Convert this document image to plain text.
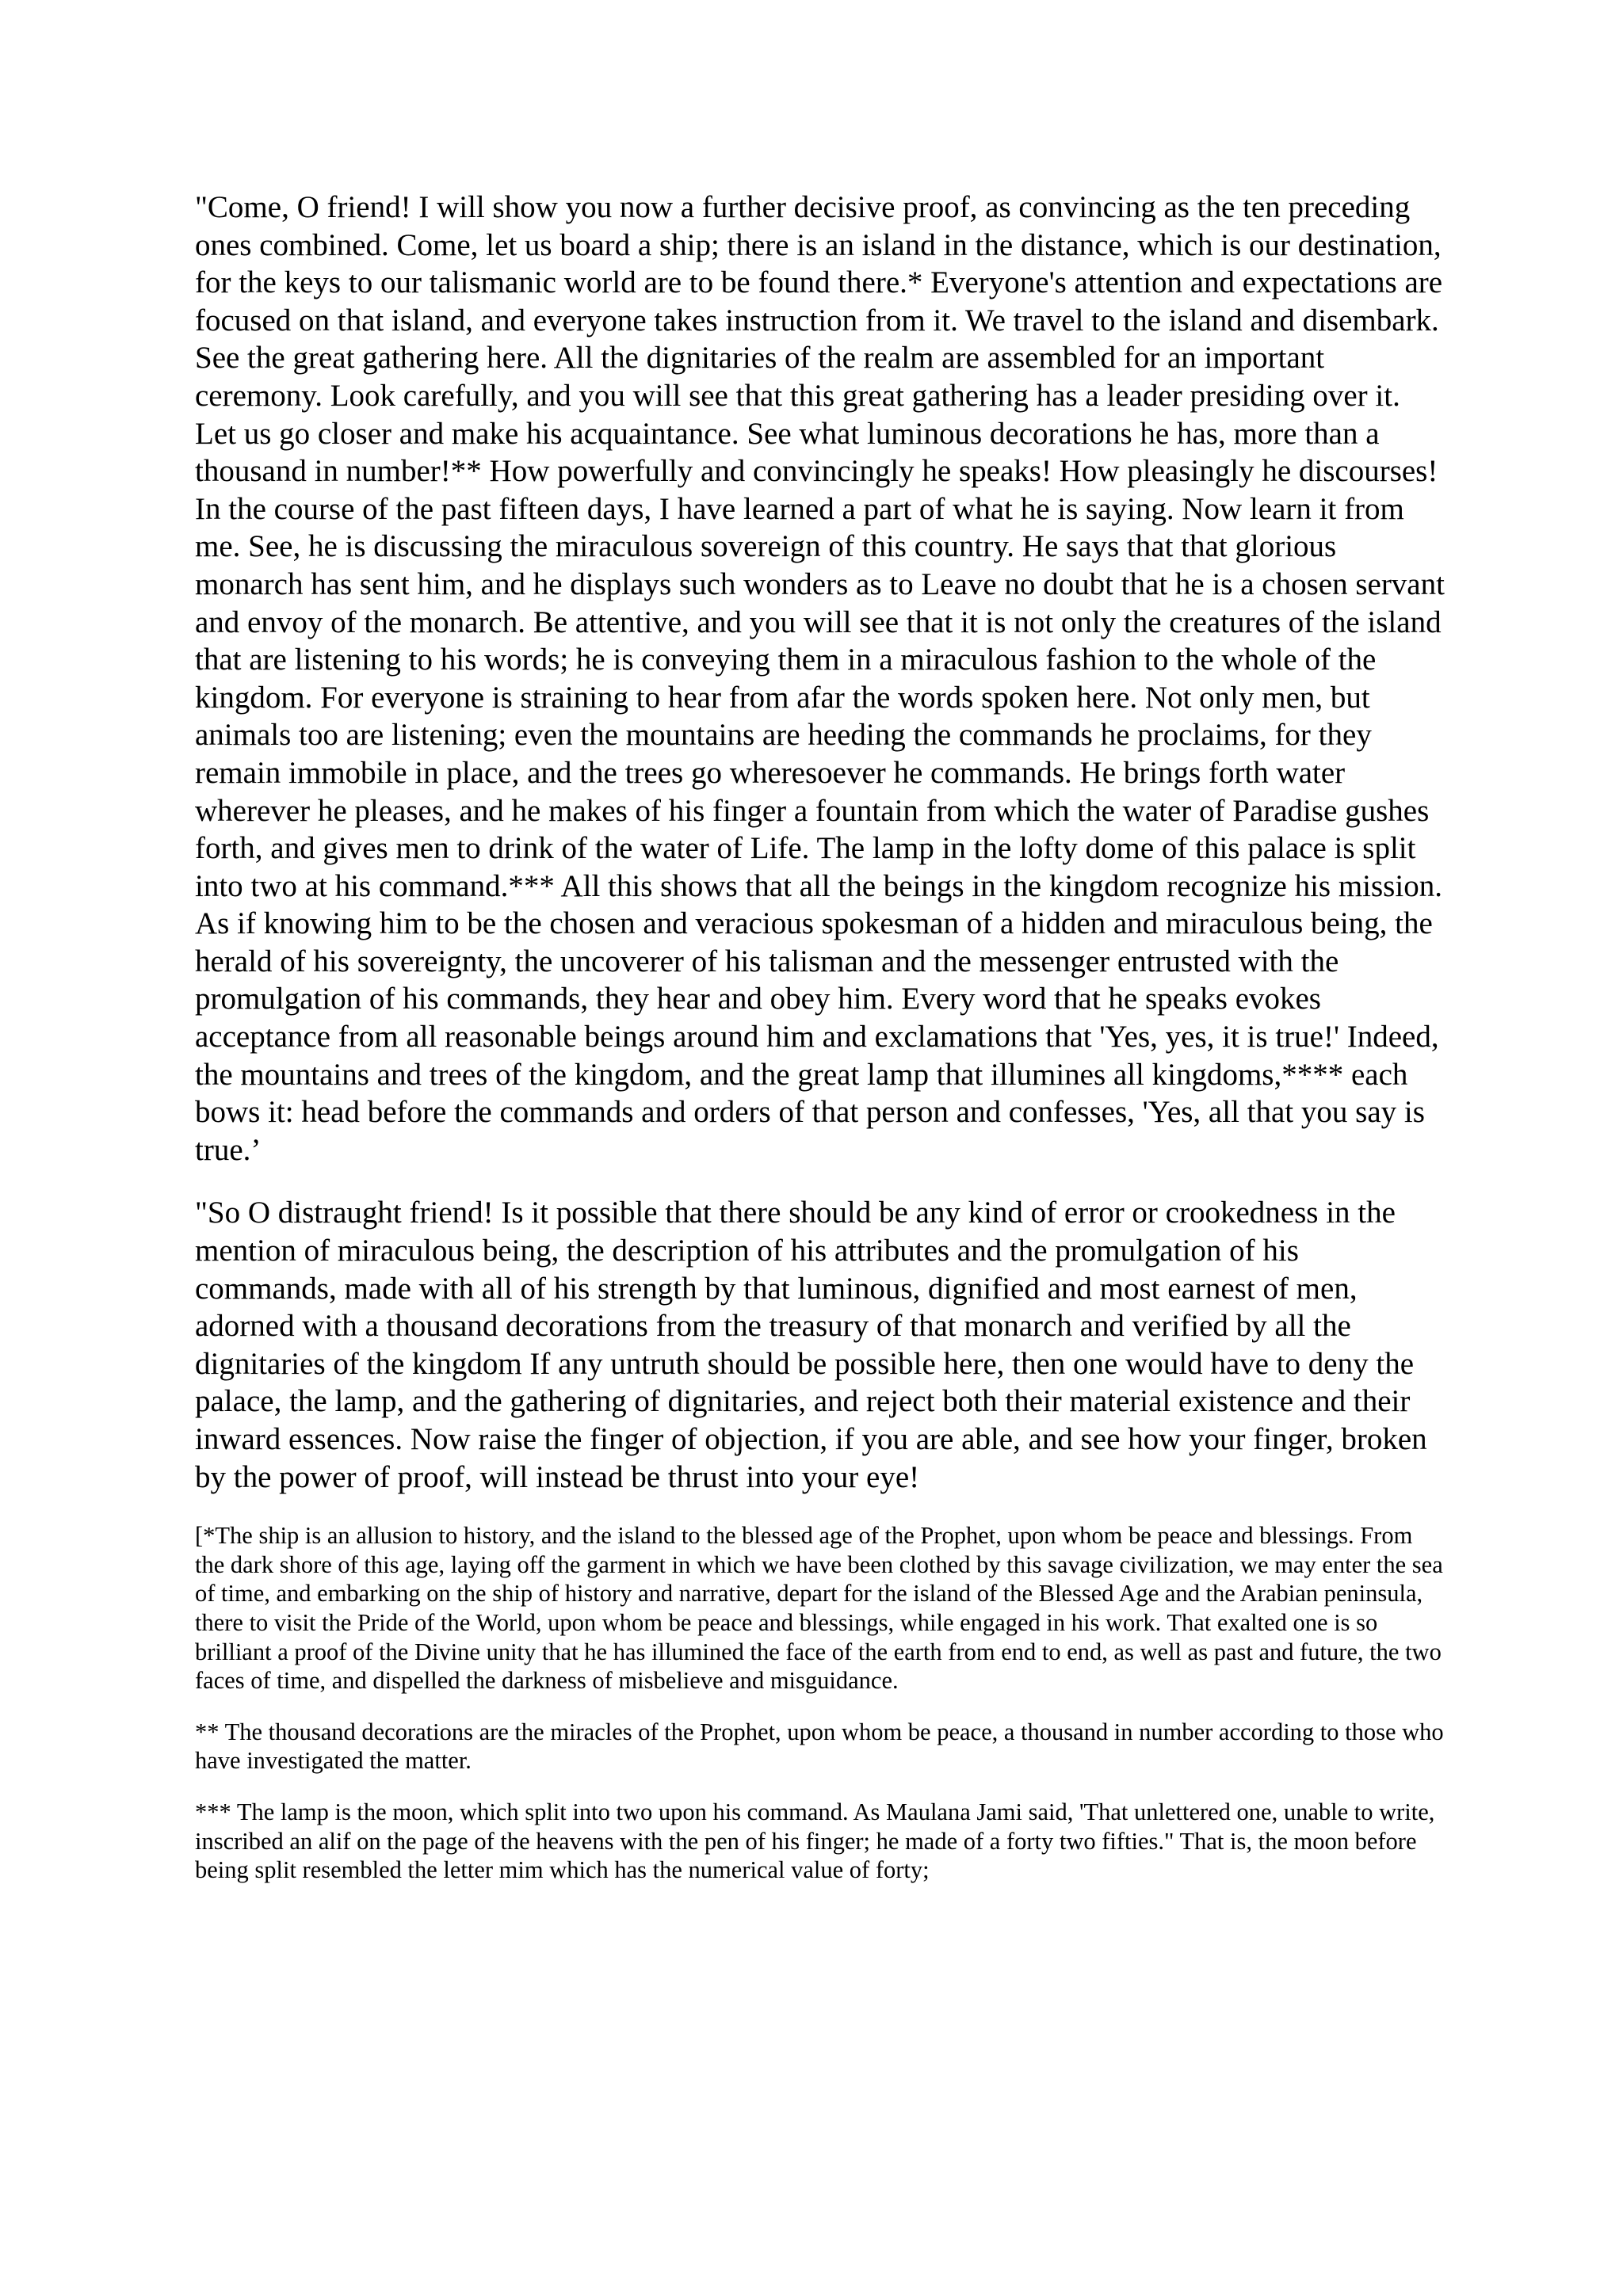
"Come, O friend! I will show you now a further decisive proof, as convincing as the ten preceding ones combined. Come, let us board a ship; there is an island in the distance, which is our destination, for the keys to our talismanic world are to be found there.* Everyone's attention and expectations are focused on that island, and everyone takes instruction from it. We travel to the island and disembark. See the great gathering here. All the dignitaries of the realm are assembled for an important ceremony. Look carefully, and you will see that this great gathering has a leader presiding over it. Let us go closer and make his acquaintance. See what luminous decorations he has, more than a thousand in number!** How powerfully and convincingly he speaks! How pleasingly he discourses! In the course of the past fifteen days, I have learned a part of what he is saying. Now learn it from me. See, he is discussing the miraculous sovereign of this country. He says that that glorious monarch has sent him, and he displays such wonders as to Leave no doubt that he is a chosen servant and envoy of the monarch. Be attentive, and you will see that it is not only the creatures of the island that are listening to his words; he is conveying them in a miraculous fashion to the whole of the kingdom. For everyone is straining to hear from afar the words spoken here. Not only men, but animals too are listening; even the mountains are heeding the commands he proclaims, for they remain immobile in place, and the trees go wheresoever he commands. He brings forth water wherever he pleases, and he makes of his finger a fountain from which the water of Paradise gushes forth, and gives men to drink of the water of Life. The lamp in the lofty dome of this palace is split into two at his command.*** All this shows that all the beings in the kingdom recognize his mission. As if knowing him to be the chosen and veracious spokesman of a hidden and miraculous being, the herald of his sovereignty, the uncoverer of his talisman and the messenger entrusted with the promulgation of his commands, they hear and obey him. Every word that he speaks evokes acceptance from all reasonable beings around him and exclamations that 'Yes, yes, it is true!' Indeed, the mountains and trees of the kingdom, and the great lamp that illumines all kingdoms,**** each bows it: head before the commands and orders of that person and confesses, 'Yes, all that you say is true.’

"So O distraught friend! Is it possible that there should be any kind of error or crookedness in the mention of miraculous being, the description of his attributes and the promulgation of his commands, made with all of his strength by that luminous, dignified and most earnest of men, adorned with a thousand decorations from the treasury of that monarch and verified by all the dignitaries of the kingdom If any untruth should be possible here, then one would have to deny the palace, the lamp, and the gathering of dignitaries, and reject both their material existence and their inward essences. Now raise the finger of objection, if you are able, and see how your finger, broken by the power of proof, will instead be thrust into your eye!

[*The ship is an allusion to history, and the island to the blessed age of the Prophet, upon whom be peace and blessings. From the dark shore of this age, laying off the garment in which we have been clothed by this savage civilization, we may enter the sea of time, and embarking on the ship of history and narrative, depart for the island of the Blessed Age and the Arabian peninsula, there to visit the Pride of the World, upon whom be peace and blessings, while engaged in his work. That exalted one is so brilliant a proof of the Divine unity that he has illumined the face of the earth from end to end, as well as past and future, the two faces of time, and dispelled the darkness of misbelieve and misguidance.

** The thousand decorations are the miracles of the Prophet, upon whom be peace, a thousand in number according to those who have investigated the matter.

*** The lamp is the moon, which split into two upon his command. As Maulana Jami said, 'That unlettered one, unable to write, inscribed an alif on the page of the heavens with the pen of his finger; he made of a forty two fifties." That is, the moon before being split resembled the letter mim which has the numerical value of forty;
